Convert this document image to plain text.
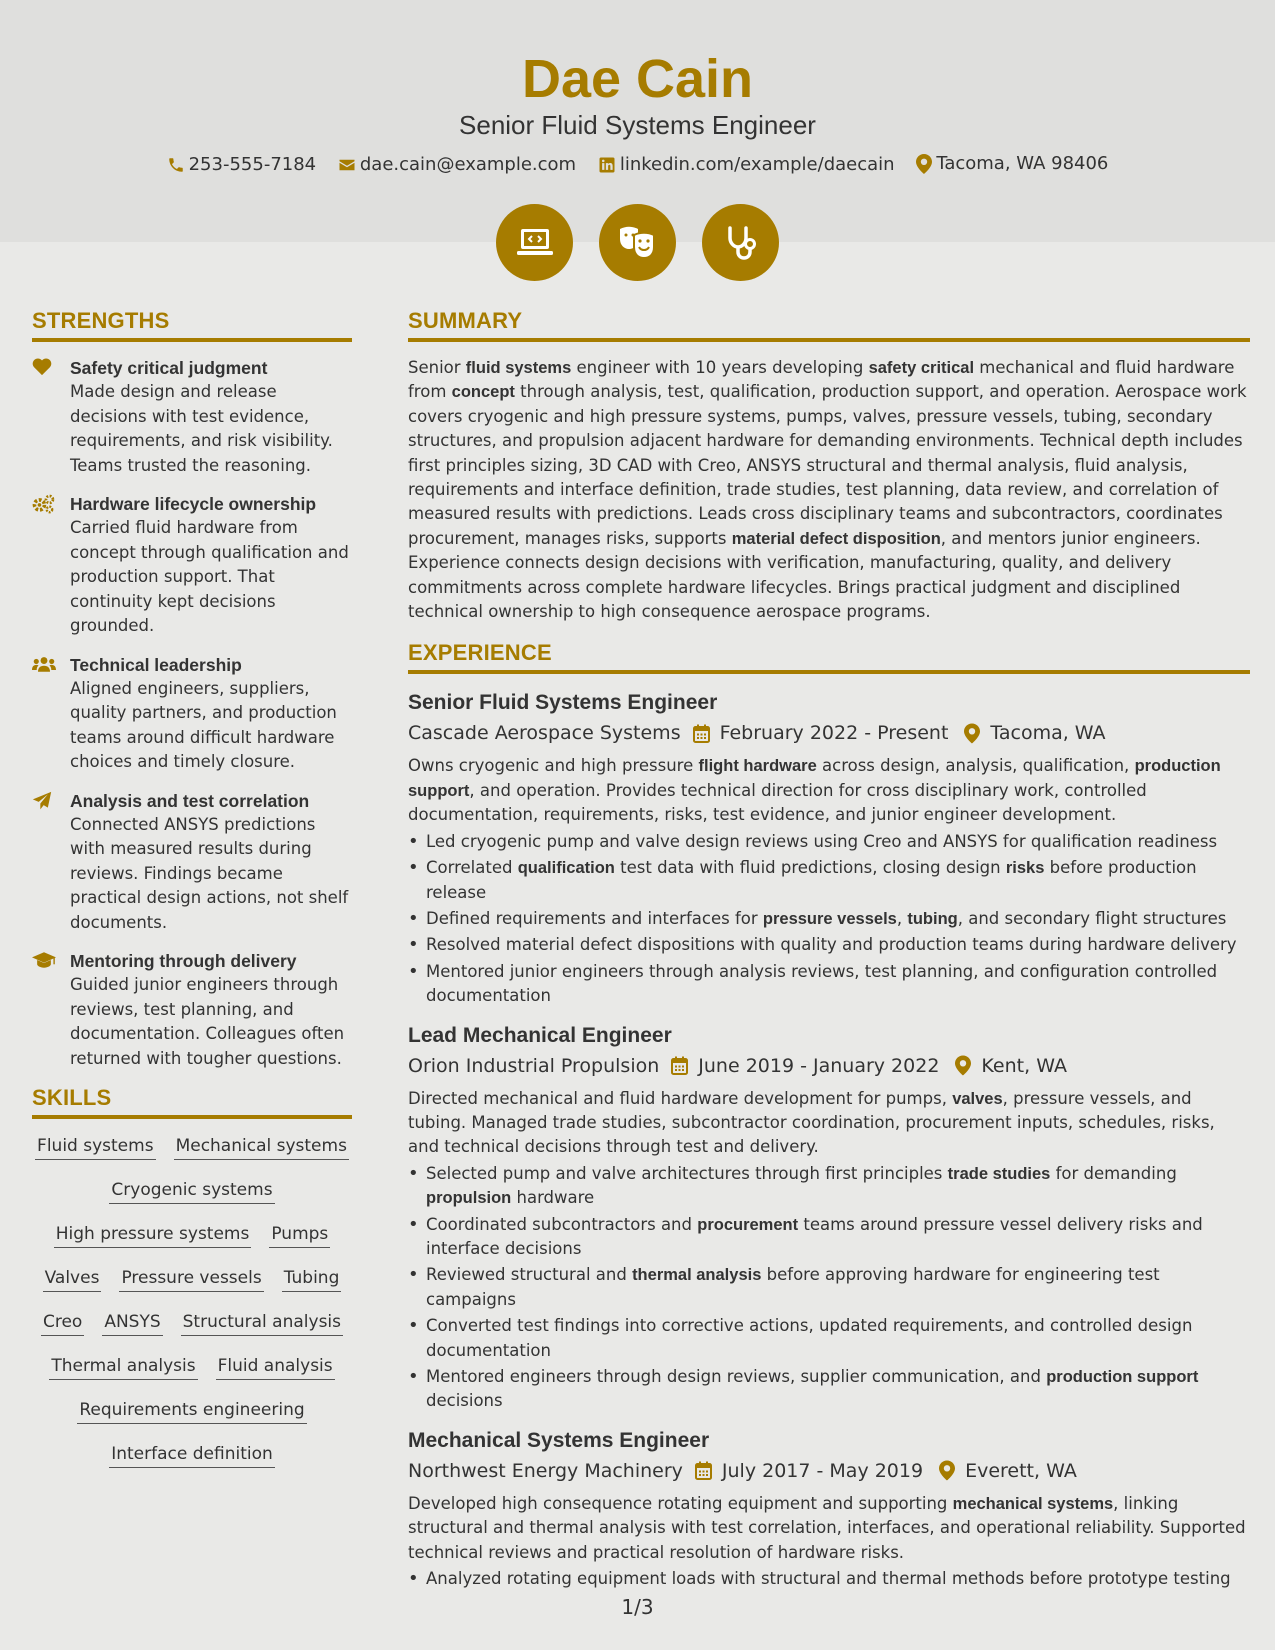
Dae Cain
Senior Fluid Systems Engineer
253-555-7184
dae.cain@example.com
linkedin.com/example/daecain
Tacoma, WA 98406
STRENGTHS
Safety critical judgment
Made design and release decisions with test evidence, requirements, and risk visibility. Teams trusted the reasoning.
Hardware lifecycle ownership
Carried fluid hardware from concept through qualification and production support. That continuity kept decisions grounded.
Technical leadership
Aligned engineers, suppliers, quality partners, and production teams around difficult hardware choices and timely closure.
Analysis and test correlation
Connected ANSYS predictions with measured results during reviews. Findings became practical design actions, not shelf documents.
Mentoring through delivery
Guided junior engineers through reviews, test planning, and documentation. Colleagues often returned with tougher questions.
SKILLS
Fluid systems Mechanical systems
Cryogenic systems
High pressure systems Pumps
Valves Pressure vessels Tubing
Creo ANSYS Structural analysis
Thermal analysis Fluid analysis
Requirements engineering
Interface definition
SUMMARY
Senior fluid systems engineer with 10 years developing safety critical mechanical and fluid hardware from concept through analysis, test, qualification, production support, and operation. Aerospace work covers cryogenic and high pressure systems, pumps, valves, pressure vessels, tubing, secondary structures, and propulsion adjacent hardware for demanding environments. Technical depth includes first principles sizing, 3D CAD with Creo, ANSYS structural and thermal analysis, fluid analysis, requirements and interface definition, trade studies, test planning, data review, and correlation of measured results with predictions. Leads cross disciplinary teams and subcontractors, coordinates procurement, manages risks, supports material defect disposition, and mentors junior engineers. Experience connects design decisions with verification, manufacturing, quality, and delivery commitments across complete hardware lifecycles. Brings practical judgment and disciplined technical ownership to high consequence aerospace programs.
EXPERIENCE
Senior Fluid Systems Engineer
Cascade Aerospace Systems February 2022 - Present Tacoma, WA
Owns cryogenic and high pressure flight hardware across design, analysis, qualification, production support, and operation. Provides technical direction for cross disciplinary work, controlled documentation, requirements, risks, test evidence, and junior engineer development.
• Led cryogenic pump and valve design reviews using Creo and ANSYS for qualification readiness
• Correlated qualification test data with fluid predictions, closing design risks before production release
• Defined requirements and interfaces for pressure vessels, tubing, and secondary flight structures
• Resolved material defect dispositions with quality and production teams during hardware delivery
• Mentored junior engineers through analysis reviews, test planning, and configuration controlled documentation
Lead Mechanical Engineer
Orion Industrial Propulsion June 2019 - January 2022 Kent, WA
Directed mechanical and fluid hardware development for pumps, valves, pressure vessels, and tubing. Managed trade studies, subcontractor coordination, procurement inputs, schedules, risks, and technical decisions through test and delivery.
• Selected pump and valve architectures through first principles trade studies for demanding propulsion hardware
• Coordinated subcontractors and procurement teams around pressure vessel delivery risks and interface decisions
• Reviewed structural and thermal analysis before approving hardware for engineering test campaigns
• Converted test findings into corrective actions, updated requirements, and controlled design documentation
• Mentored engineers through design reviews, supplier communication, and production support decisions
Mechanical Systems Engineer
Northwest Energy Machinery July 2017 - May 2019 Everett, WA
Developed high consequence rotating equipment and supporting mechanical systems, linking structural and thermal analysis with test correlation, interfaces, and operational reliability. Supported technical reviews and practical resolution of hardware risks.
• Analyzed rotating equipment loads with structural and thermal methods before prototype testing
1/3
